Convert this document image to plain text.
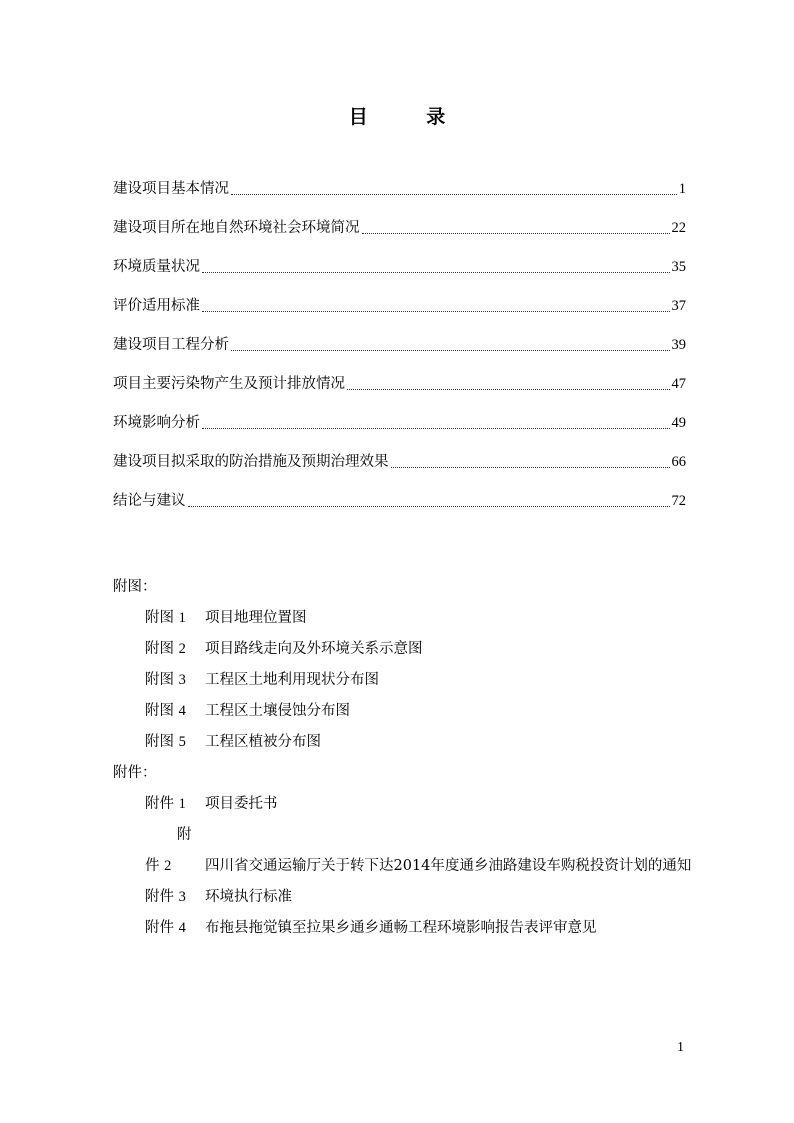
目 录
建设项目基本情况	1
建设项目所在地自然环境社会环境简况	22
环境质量状况	35
评价适用标准	37
建设项目工程分析	39
项目主要污染物产生及预计排放情况	47
环境影响分析	49
建设项目拟采取的防治措施及预期治理效果	66
结论与建议	72
附图：
附图 1 项目地理位置图
附图 2 项目路线走向及外环境关系示意图
附图 3 工程区土地利用现状分布图
附图 4 工程区土壤侵蚀分布图
附图 5 工程区植被分布图
附件：
附件 1 项目委托书
附件 2 四川省交通运输厅关于转下达2014年度通乡油路建设车购税投资计划的通知
附件 3 环境执行标准
附件 4 布拖县拖觉镇至拉果乡通乡通畅工程环境影响报告表评审意见
1
